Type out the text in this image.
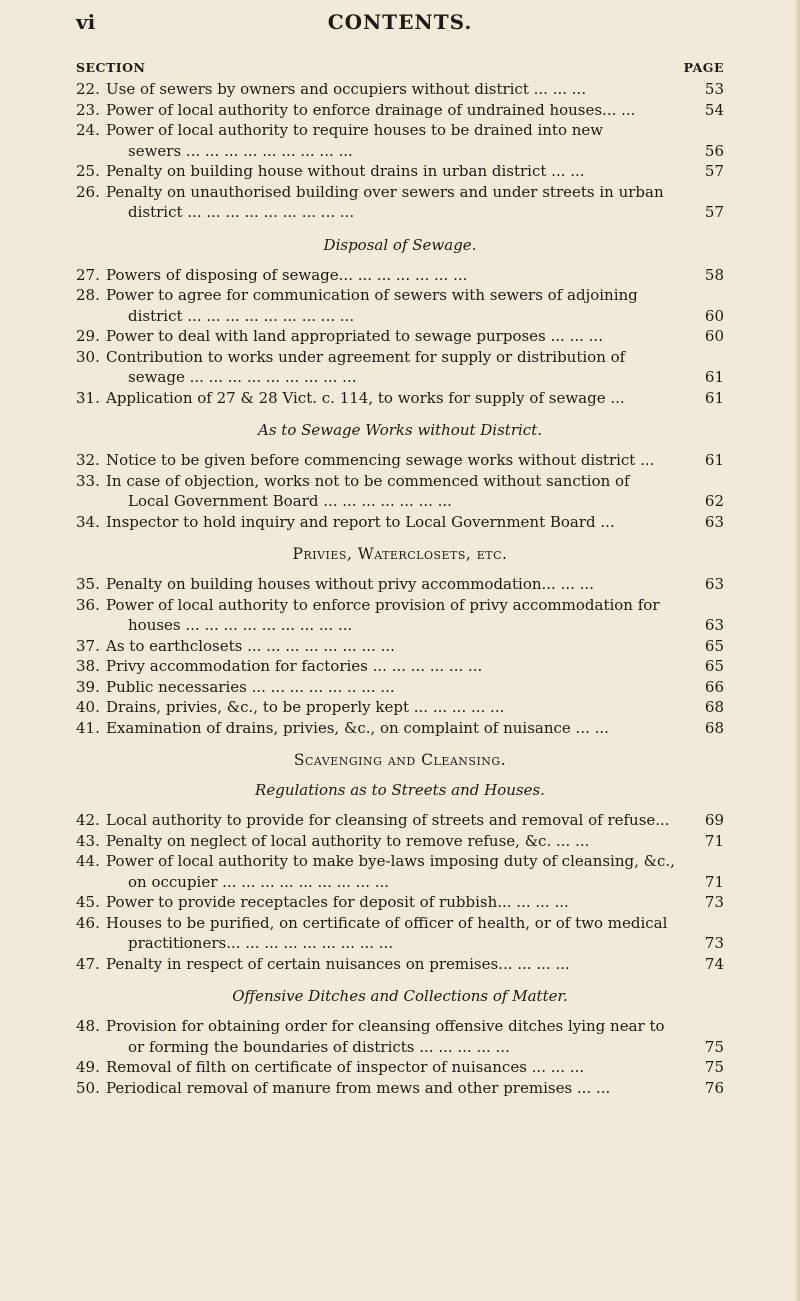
vi	CONTENTS.
SECTION	PAGE
22. Use of sewers by owners and occupiers without district ... ... ...	53
23. Power of local authority to enforce drainage of undrained houses... ...	54
24. Power of local authority to require houses to be drained into new
sewers ... ... ... ... ... ... ... ... ...	56
25. Penalty on building house without drains in urban district ... ...	57
26. Penalty on unauthorised building over sewers and under streets in urban
district ... ... ... ... ... ... ... ... ...	57
Disposal of Sewage.
27. Powers of disposing of sewage... ... ... ... ... ... ...	58
28. Power to agree for communication of sewers with sewers of adjoining
district ... ... ... ... ... ... ... ... ...	60
29. Power to deal with land appropriated to sewage purposes ... ... ...	60
30. Contribution to works under agreement for supply or distribution of
sewage ... ... ... ... ... ... ... ... ...	61
31. Application of 27 & 28 Vict. c. 114, to works for supply of sewage ...	61
As to Sewage Works without District.
32. Notice to be given before commencing sewage works without district ...	61
33. In case of objection, works not to be commenced without sanction of
Local Government Board ... ... ... ... ... ... ...	62
34. Inspector to hold inquiry and report to Local Government Board ...	63
Privies, Waterclosets, etc.
35. Penalty on building houses without privy accommodation... ... ...	63
36. Power of local authority to enforce provision of privy accommodation for
houses ... ... ... ... ... ... ... ... ...	63
37. As to earthclosets ... ... ... ... ... ... ... ...	65
38. Privy accommodation for factories ... ... ... ... ... ...	65
39. Public necessaries ... ... ... ... ... .. ... ...	66
40. Drains, privies, &c., to be properly kept ... ... ... ... ...	68
41. Examination of drains, privies, &c., on complaint of nuisance ... ...	68
Scavenging and Cleansing.
Regulations as to Streets and Houses.
42. Local authority to provide for cleansing of streets and removal of refuse...	69
43. Penalty on neglect of local authority to remove refuse, &c. ... ...	71
44. Power of local authority to make bye-laws imposing duty of cleansing, &c.,
on occupier ... ... ... ... ... ... ... ... ...	71
45. Power to provide receptacles for deposit of rubbish... ... ... ...	73
46. Houses to be purified, on certificate of officer of health, or of two medical
practitioners... ... ... ... ... ... ... ... ...	73
47. Penalty in respect of certain nuisances on premises... ... ... ...	74
Offensive Ditches and Collections of Matter.
48. Provision for obtaining order for cleansing offensive ditches lying near to
or forming the boundaries of districts ... ... ... ... ...	75
49. Removal of filth on certificate of inspector of nuisances ... ... ...	75
50. Periodical removal of manure from mews and other premises ... ...	76
